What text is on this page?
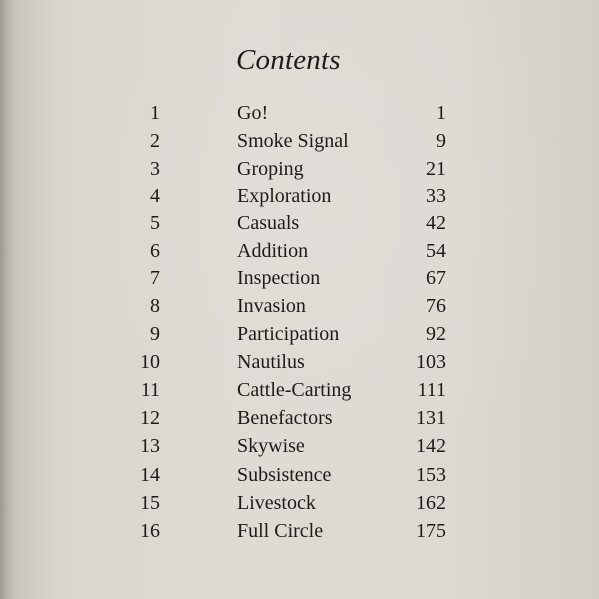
Contents
1	Go!	1
2	Smoke Signal	9
3	Groping	21
4	Exploration	33
5	Casuals	42
6	Addition	54
7	Inspection	67
8	Invasion	76
9	Participation	92
10	Nautilus	103
11	Cattle-Carting	111
12	Benefactors	131
13	Skywise	142
14	Subsistence	153
15	Livestock	162
16	Full Circle	175
